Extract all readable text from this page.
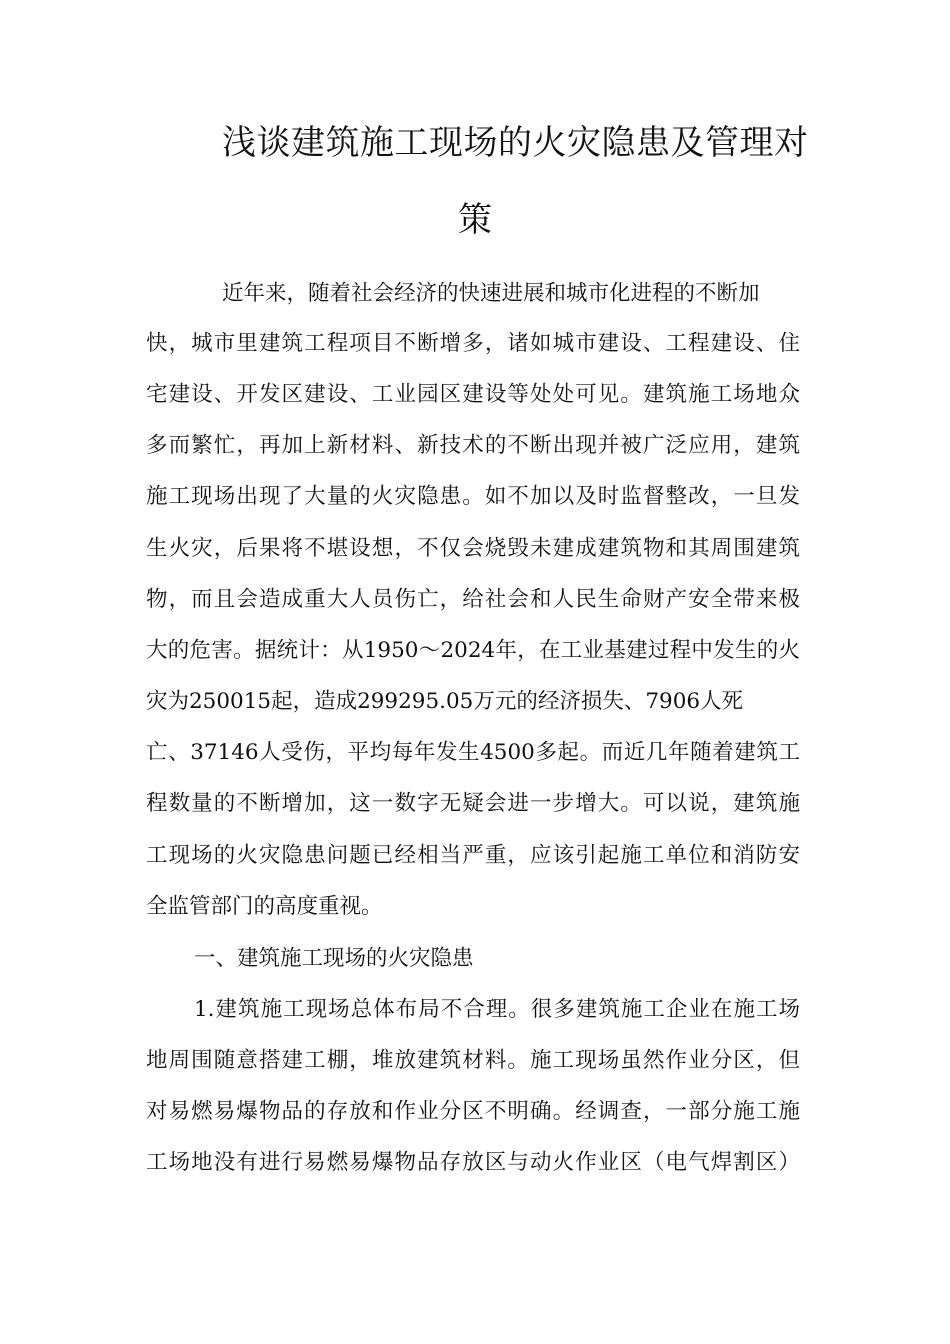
浅谈建筑施工现场的火灾隐患及管理对
策
近年来，随着社会经济的快速进展和城市化进程的不断加
快，城市里建筑工程项目不断增多，诸如城市建设、工程建设、住
宅建设、开发区建设、工业园区建设等处处可见。建筑施工场地众
多而繁忙，再加上新材料、新技术的不断出现并被广泛应用，建筑
施工现场出现了大量的火灾隐患。如不加以及时监督整改，一旦发
生火灾，后果将不堪设想，不仅会烧毁未建成建筑物和其周围建筑
物，而且会造成重大人员伤亡，给社会和人民生命财产安全带来极
大的危害。据统计：从1950～2024年，在工业基建过程中发生的火
灾为250015起，造成299295.05万元的经济损失、7906人死
亡、37146人受伤，平均每年发生4500多起。而近几年随着建筑工
程数量的不断增加，这一数字无疑会进一步增大。可以说，建筑施
工现场的火灾隐患问题已经相当严重，应该引起施工单位和消防安
全监管部门的高度重视。
一、建筑施工现场的火灾隐患
1.建筑施工现场总体布局不合理。很多建筑施工企业在施工场
地周围随意搭建工棚，堆放建筑材料。施工现场虽然作业分区，但
对易燃易爆物品的存放和作业分区不明确。经调查，一部分施工施
工场地没有进行易燃易爆物品存放区与动火作业区（电气焊割区）
